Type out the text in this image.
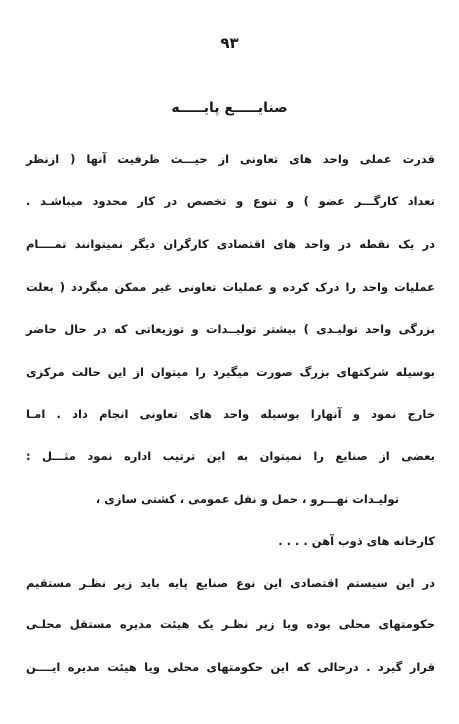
۹۳
صنایـــــع پایـــــه
قدرت عملی واحد های تعاونی از حیـــث ظرفیت آنها ( ازنظر
تعداد کارگـــر عضو ) و تنوع و تخصص در کار محدود میباشـد .
در یک نقطه در واحد های اقتصادی کارگران دیگر نمیتوانند تمــــام
عملیات واحد را درک کرده و عملیات تعاونی غیر ممکن میگردد ( بعلت
بزرگی واحد تولیـدی ) بیشتر تولیــدات و توزیعاتی که در حال حاضر
بوسیله شرکتهای بزرگ صورت میگیرد را میتوان از این حالت مرکزی
خارج نمود و آنهارا بوسیله واحد های تعاونی انجام داد . امـا
بعضی از صنایع را نمیتوان به این ترتیب اداره نمود مثـــل :
تولیـدات نهـــرو ، حمل و نقل عمومی ، کشتی سازی ،
کارخانه های ذوب آهن . . . .
در این سیستم اقتصادی این نوع صنایع پایه باید زیر نظـر مستقیم
حکومتهای محلی بوده ویا زیر نظـر یک هیئت مدیره مستقل محلـی
قرار گیرد . درحالی که این حکومتهای محلی ویا هیئت مدیره ایــــن
